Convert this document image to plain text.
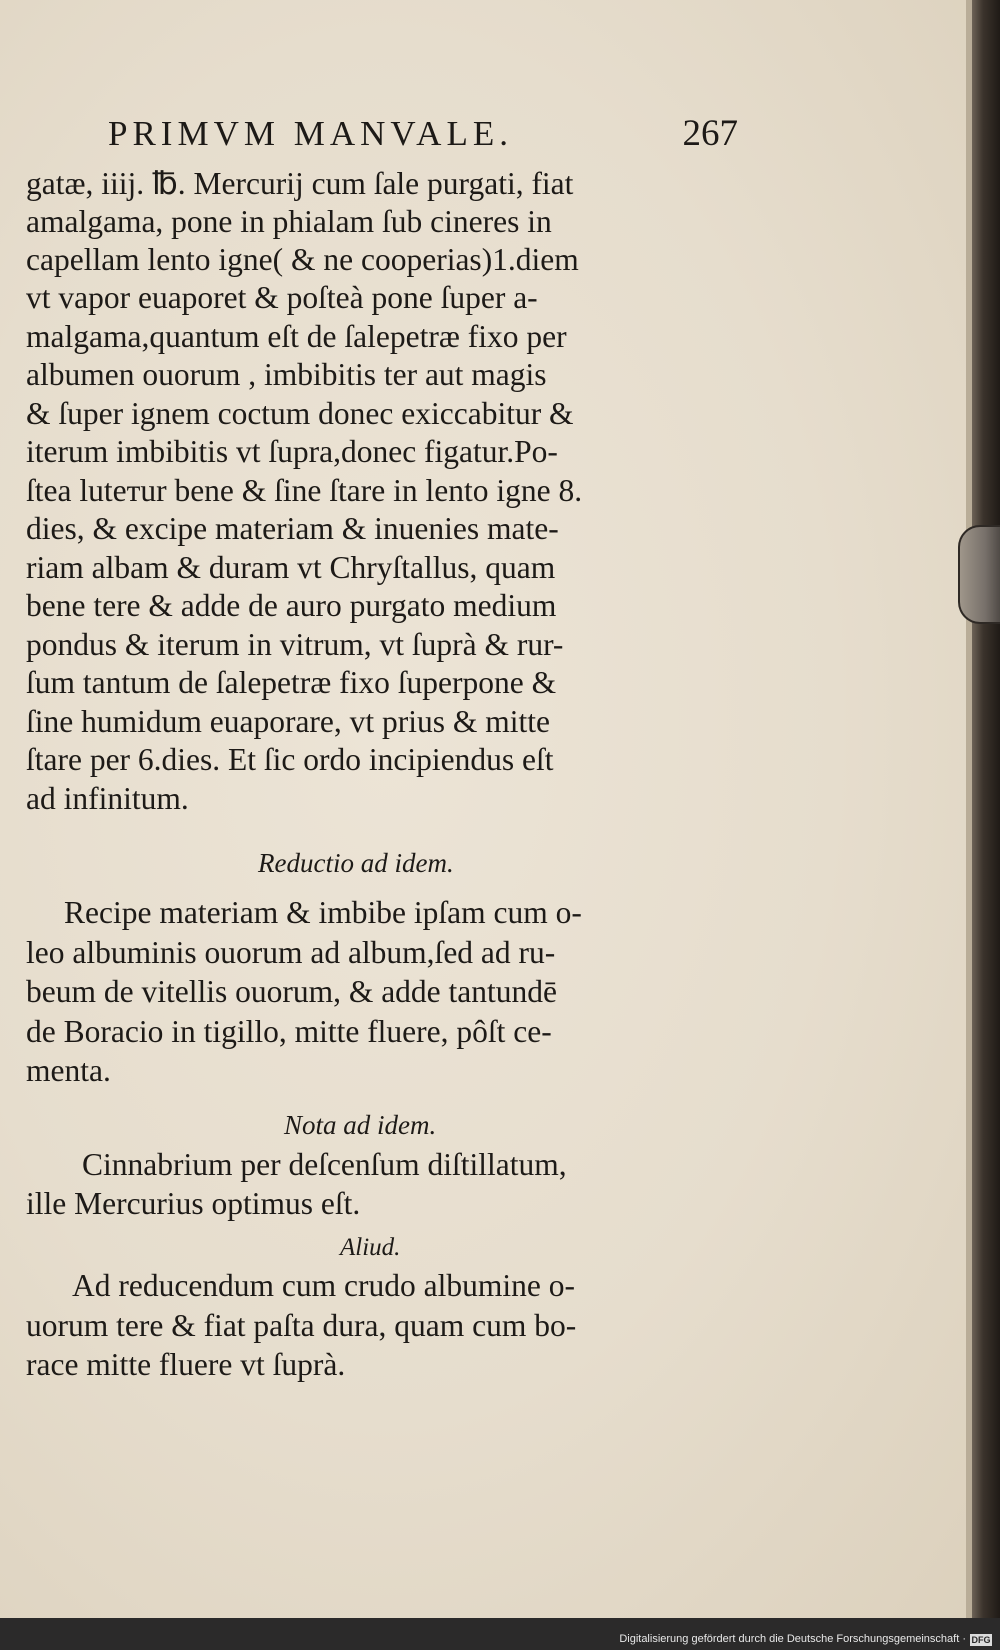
PRIMVM MANVALE.	267
gatæ, iiij. ℔. Mercurij cum ſale purgati, fiat
amalgama, pone in phialam ſub cineres in
capellam lento igne( & ne cooperias)1.diem
vt vapor euaporet & poſteà pone ſuper a-
malgama,quantum eſt de ſalepetræ fixo per
albumen ouorum , imbibitis ter aut magis
& ſuper ignem coctum donec exiccabitur &
iterum imbibitis vt ſupra,donec figatur.Po-
ſtea luteтur bene & ſine ſtare in lento igne 8.
dies, & excipe materiam & inuenies mate-
riam albam & duram vt Chryſtallus, quam
bene tere & adde de auro purgato medium
pondus & iterum in vitrum, vt ſuprà & rur-
ſum tantum de ſalepetræ fixo ſuperpone &
ſine humidum euaporare, vt prius & mitte
ſtare per 6.dies. Et ſic ordo incipiendus eſt
ad infinitum.
Reductio ad idem.
Recipe materiam & imbibe ipſam cum o-
leo albuminis ouorum ad album,ſed ad ru-
beum de vitellis ouorum, & adde tantundē
de Boracio in tigillo, mitte fluere, pôſt ce-
menta.
Nota ad idem.
Cinnabrium per deſcenſum diſtillatum,
ille Mercurius optimus eſt.
Aliud.
Ad reducendum cum crudo albumine o-
uorum tere & fiat paſta dura, quam cum bo-
race mitte fluere vt ſuprà.
Digitalisierung gefördert durch die Deutsche Forschungsgemeinschaft · DFG
